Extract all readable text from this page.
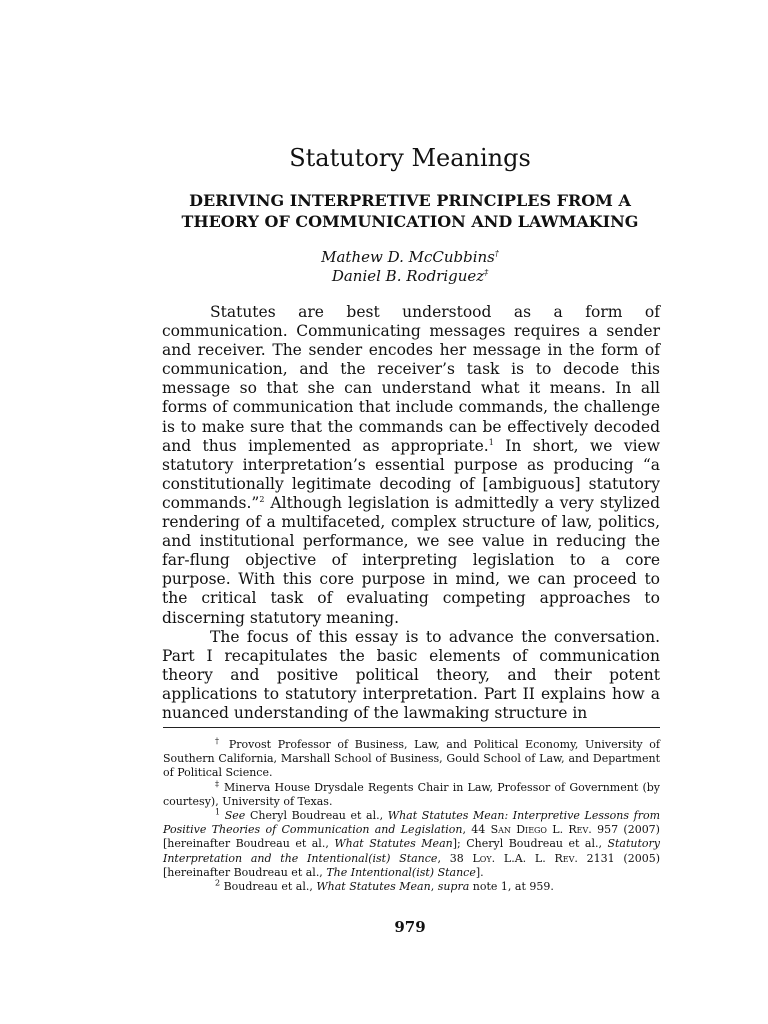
Statutory Meanings
DERIVING INTERPRETIVE PRINCIPLES FROM A
THEORY OF COMMUNICATION AND LAWMAKING
Mathew D. McCubbins†
Daniel B. Rodriguez‡

Statutes are best understood as a form of communication. Communicating messages requires a sender and receiver. The sender encodes her message in the form of communication, and the receiver’s task is to decode this message so that she can understand what it means. In all forms of communication that include commands, the challenge is to make sure that the commands can be effectively decoded and thus implemented as appropriate.$^1$ In short, we view statutory interpretation’s essential purpose as producing “a constitutionally legitimate decoding of [ambiguous] statutory commands.”$^2$ Although legislation is admittedly a very stylized rendering of a multifaceted, complex structure of law, politics, and institutional performance, we see value in reducing the far-flung objective of interpreting legislation to a core purpose. With this core purpose in mind, we can proceed to the critical task of evaluating competing approaches to discerning statutory meaning.

The focus of this essay is to advance the conversation. Part I recapitulates the basic elements of communication theory and positive political theory, and their potent applications to statutory interpretation. Part II explains how a nuanced understanding of the lawmaking structure in

† Provost Professor of Business, Law, and Political Economy, University of Southern California, Marshall School of Business, Gould School of Law, and Department of Political Science.

‡ Minerva House Drysdale Regents Chair in Law, Professor of Government (by courtesy), University of Texas.

$^1$ See Cheryl Boudreau et al., What Statutes Mean: Interpretive Lessons from Positive Theories of Communication and Legislation, 44 San Diego L. Rev. 957 (2007) [hereinafter Boudreau et al., What Statutes Mean]; Cheryl Boudreau et al., Statutory Interpretation and the Intentional(ist) Stance, 38 Loy. L.A. L. Rev. 2131 (2005) [hereinafter Boudreau et al., The Intentional(ist) Stance].

$^2$ Boudreau et al., What Statutes Mean, supra note 1, at 959.

979
